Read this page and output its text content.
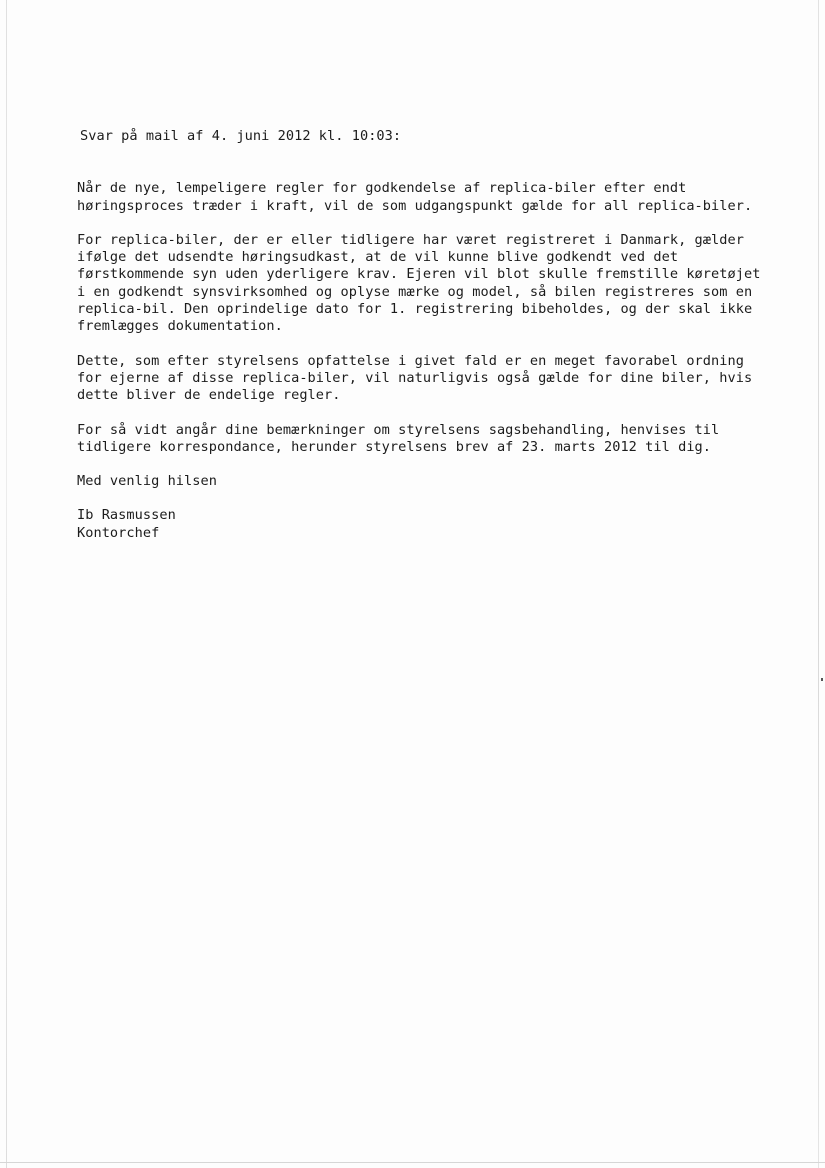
Svar på mail af 4. juni 2012 kl. 10:03:

Når de nye, lempeligere regler for godkendelse af replica-biler efter endt

høringsproces træder i kraft, vil de som udgangspunkt gælde for all replica-biler.

For replica-biler, der er eller tidligere har været registreret i Danmark, gælder

ifølge det udsendte høringsudkast, at de vil kunne blive godkendt ved det

førstkommende syn uden yderligere krav. Ejeren vil blot skulle fremstille køretøjet

i en godkendt synsvirksomhed og oplyse mærke og model, så bilen registreres som en

replica-bil. Den oprindelige dato for 1. registrering bibeholdes, og der skal ikke

fremlægges dokumentation.

Dette, som efter styrelsens opfattelse i givet fald er en meget favorabel ordning

for ejerne af disse replica-biler, vil naturligvis også gælde for dine biler, hvis

dette bliver de endelige regler.

For så vidt angår dine bemærkninger om styrelsens sagsbehandling, henvises til

tidligere korrespondance, herunder styrelsens brev af 23. marts 2012 til dig.

Med venlig hilsen

Ib Rasmussen

Kontorchef
